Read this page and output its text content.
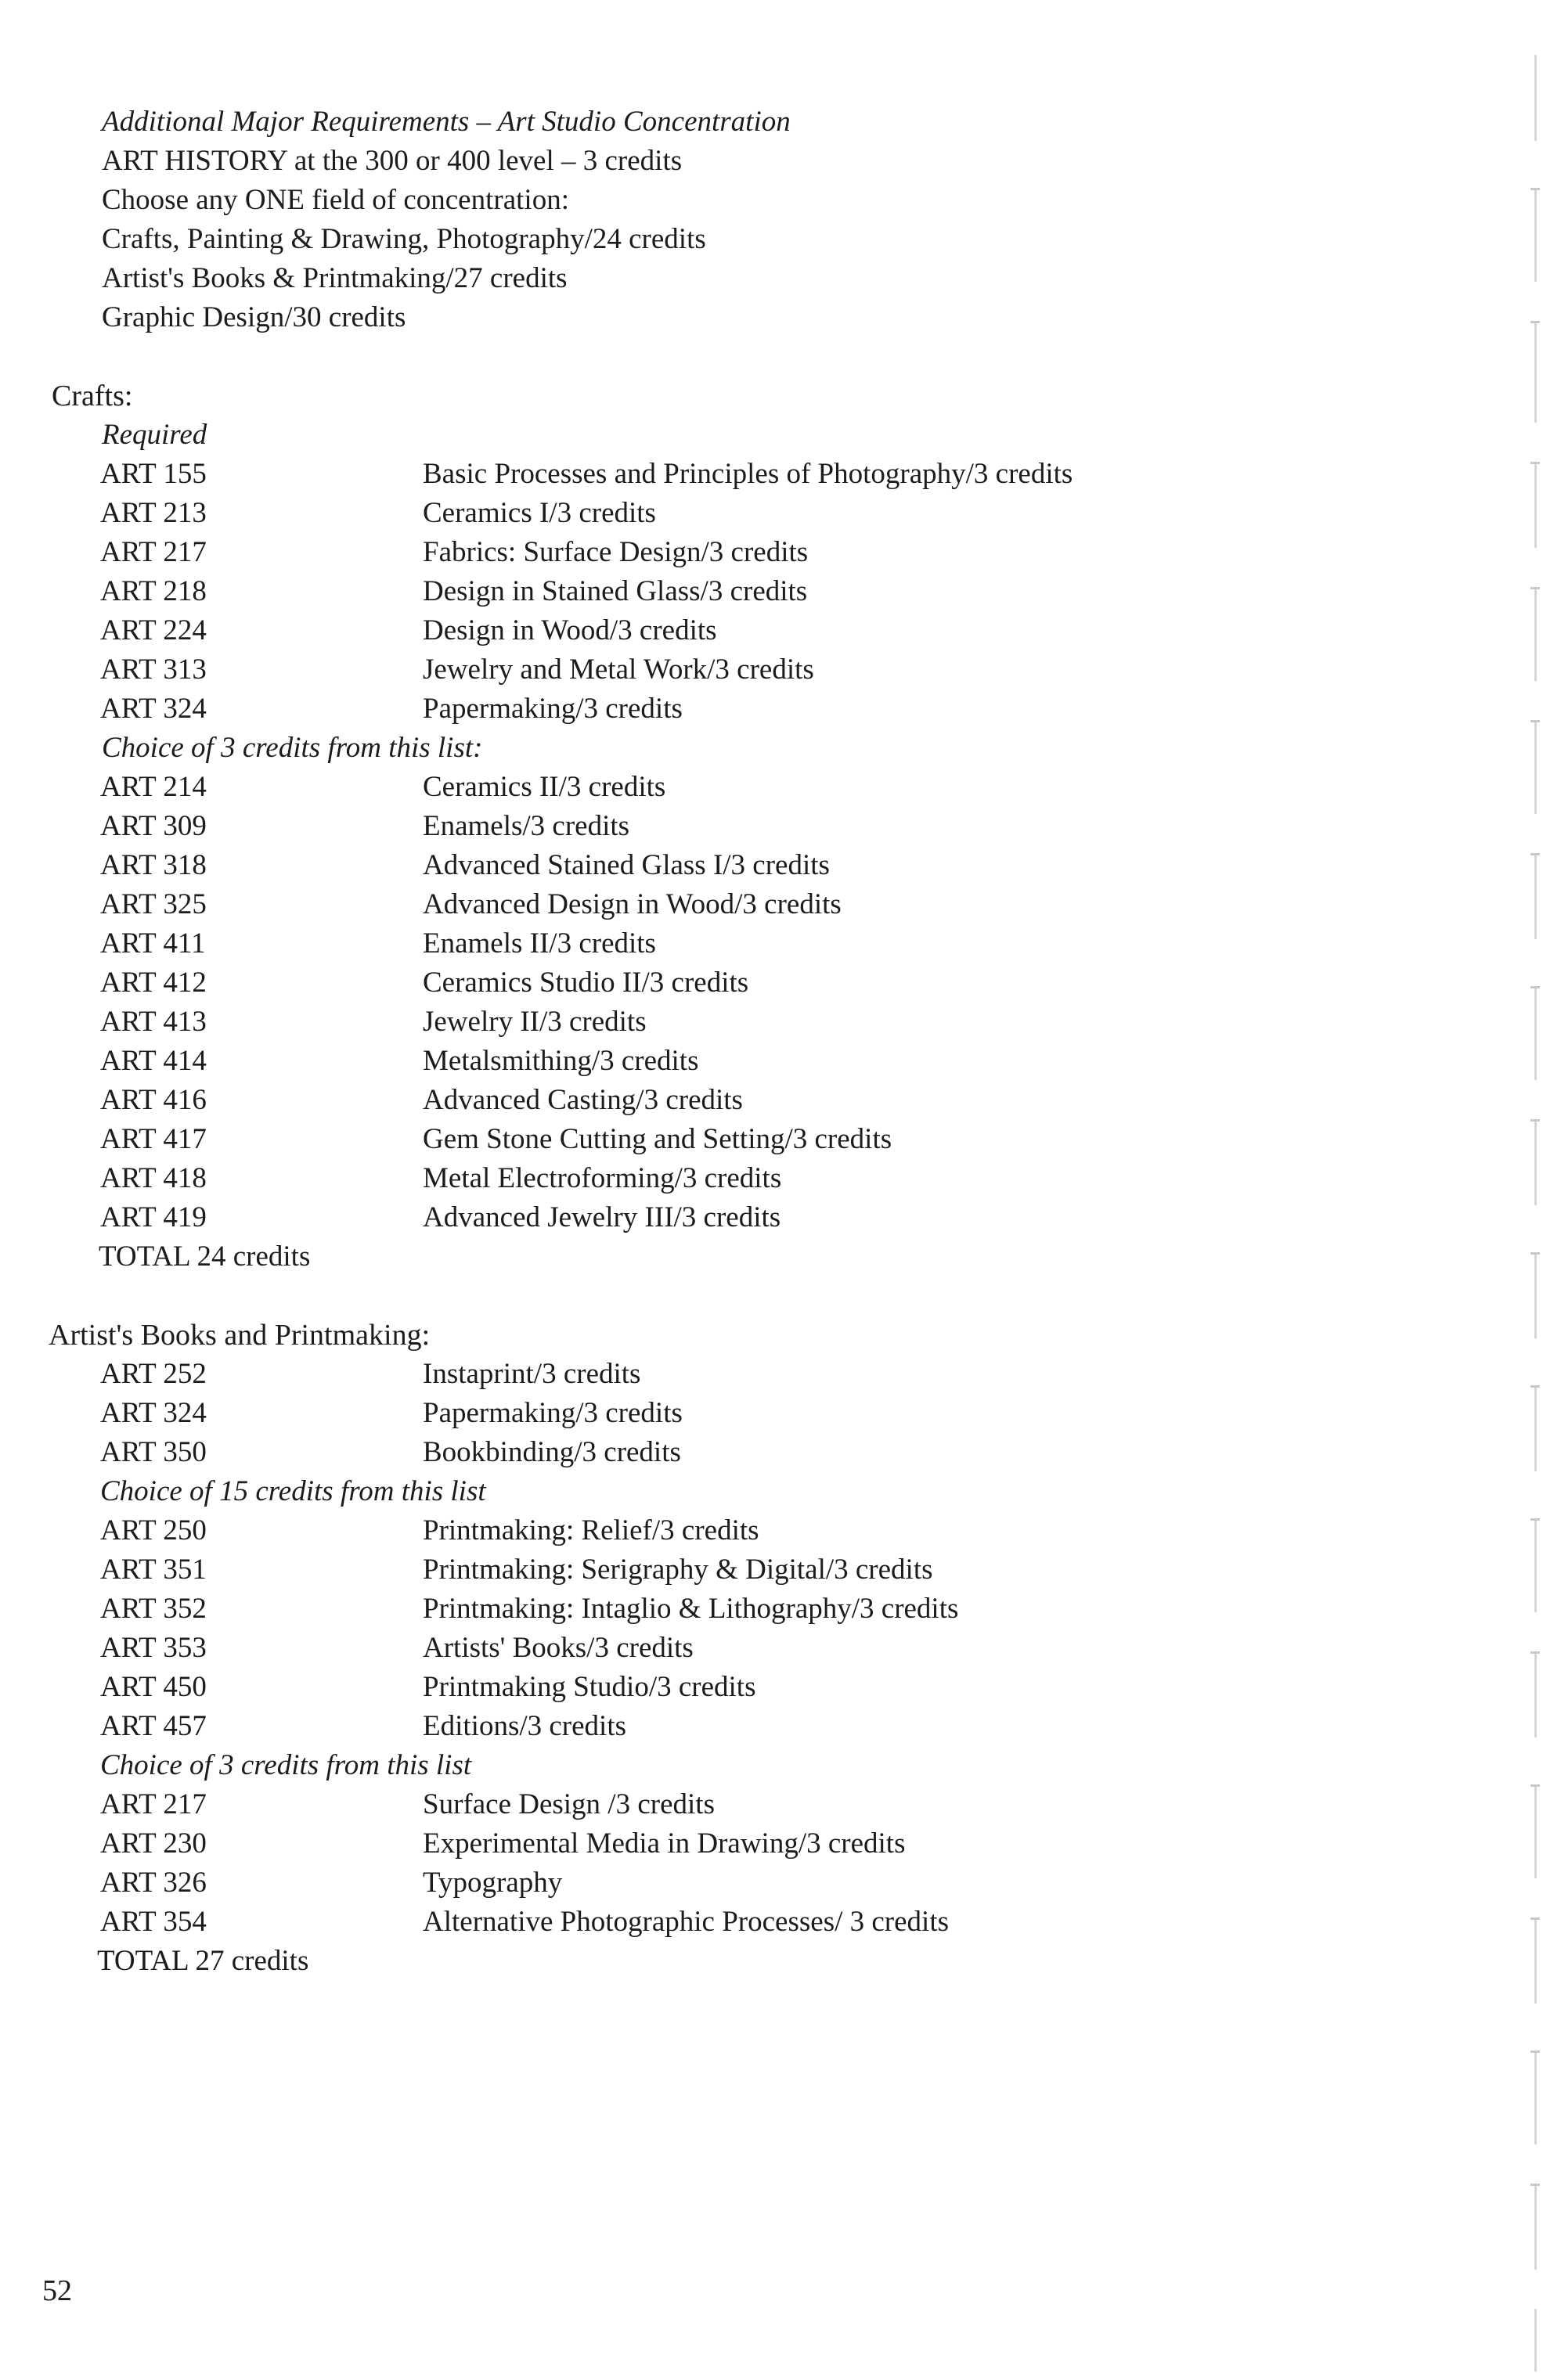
Additional Major Requirements – Art Studio Concentration
ART HISTORY at the 300 or 400 level – 3 credits
Choose any ONE field of concentration:
Crafts, Painting & Drawing, Photography/24 credits
Artist's Books & Printmaking/27 credits
Graphic Design/30 credits
Crafts:
Required
ART 155	Basic Processes and Principles of Photography/3 credits
ART 213	Ceramics I/3 credits
ART 217	Fabrics: Surface Design/3 credits
ART 218	Design in Stained Glass/3 credits
ART 224	Design in Wood/3 credits
ART 313	Jewelry and Metal Work/3 credits
ART 324	Papermaking/3 credits
Choice of 3 credits from this list:
ART 214	Ceramics II/3 credits
ART 309	Enamels/3 credits
ART 318	Advanced Stained Glass I/3 credits
ART 325	Advanced Design in Wood/3 credits
ART 411	Enamels II/3 credits
ART 412	Ceramics Studio II/3 credits
ART 413	Jewelry II/3 credits
ART 414	Metalsmithing/3 credits
ART 416	Advanced Casting/3 credits
ART 417	Gem Stone Cutting and Setting/3 credits
ART 418	Metal Electroforming/3 credits
ART 419	Advanced Jewelry III/3 credits
TOTAL 24 credits
Artist's Books and Printmaking:
ART 252	Instaprint/3 credits
ART 324	Papermaking/3 credits
ART 350	Bookbinding/3 credits
Choice of 15 credits from this list
ART 250	Printmaking: Relief/3 credits
ART 351	Printmaking: Serigraphy & Digital/3 credits
ART 352	Printmaking: Intaglio & Lithography/3 credits
ART 353	Artists' Books/3 credits
ART 450	Printmaking Studio/3 credits
ART 457	Editions/3 credits
Choice of 3 credits from this list
ART 217	Surface Design /3 credits
ART 230	Experimental Media in Drawing/3 credits
ART 326	Typography
ART 354	Alternative Photographic Processes/ 3 credits
TOTAL 27 credits
52
